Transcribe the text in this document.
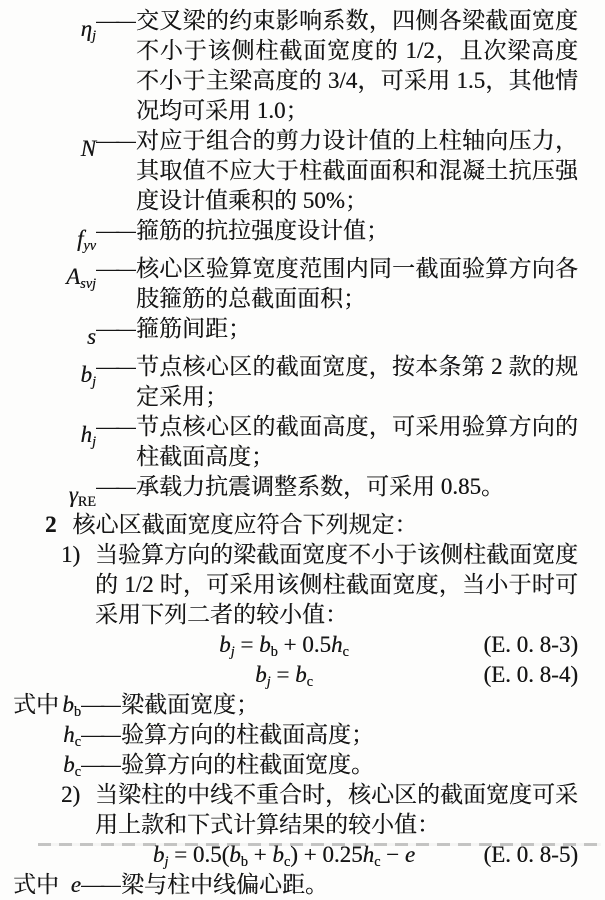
$\eta_j——$ 交叉梁的约束影响系数，四侧各梁截面宽度不小于该侧柱截面宽度的 1/2，且次梁高度不小于主梁高度的 3/4，可采用 1.5，其他情况均可采用 1.0；
N—— 对应于组合的剪力设计值的上柱轴向压力，其取值不应大于柱截面面积和混凝土抗压强度设计值乘积的 50%；
$f_{yv}——$ 箍筋的抗拉强度设计值；
$A_{svj}——$ 核心区验算宽度范围内同一截面验算方向各肢箍筋的总截面面积；
s—— 箍筋间距；
$b_j——$ 节点核心区的截面宽度，按本条第 2 款的规定采用；
$h_j——$ 节点核心区的截面高度，可采用验算方向的柱截面高度；
$\gamma_{RE}——$ 承载力抗震调整系数，可采用 0.85。
2 核心区截面宽度应符合下列规定：
1) 当验算方向的梁截面宽度不小于该侧柱截面宽度的 1/2 时，可采用该侧柱截面宽度，当小于时可采用下列二者的较小值：
$b_j = b_b + 0.5h_c$	(E. 0. 8-3)
$b_j = b_c$	(E. 0. 8-4)
式中 $b_b$ —— 梁截面宽度；
$h_c$ —— 验算方向的柱截面高度；
$b_c$ —— 验算方向的柱截面宽度。
2) 当梁柱的中线不重合时，核心区的截面宽度可采用上款和下式计算结果的较小值：
$b_j = 0.5(b_b + b_c) + 0.25h_c - e$	(E. 0. 8-5)
式中 e —— 梁与柱中线偏心距。
